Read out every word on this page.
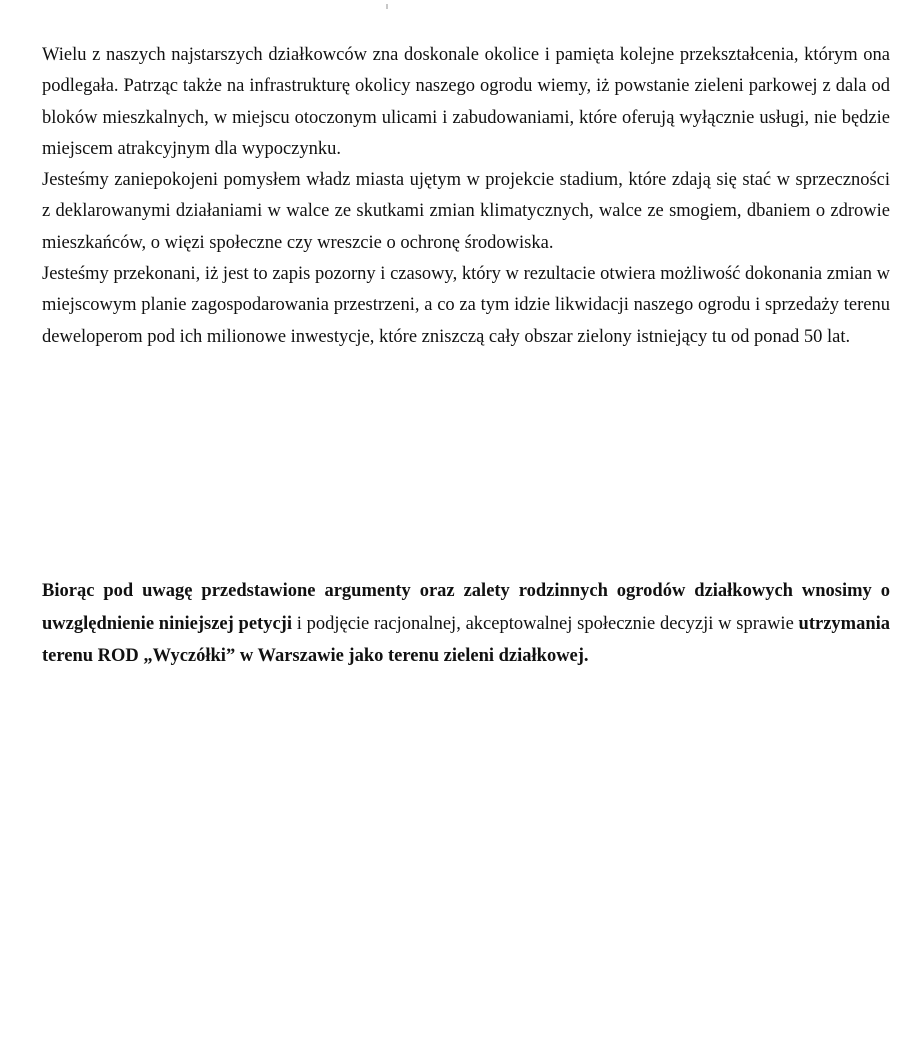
Wielu z naszych najstarszych działkowców zna doskonale okolice i pamięta kolejne przekształcenia, którym ona podlegała. Patrząc także na infrastrukturę okolicy naszego ogrodu wiemy, iż powstanie zieleni parkowej z dala od bloków mieszkalnych, w miejscu otoczonym ulicami i zabudowaniami, które oferują wyłącznie usługi, nie będzie miejscem atrakcyjnym dla wypoczynku.

Jesteśmy zaniepokojeni pomysłem władz miasta ujętym w projekcie stadium, które zdają się stać w sprzeczności z deklarowanymi działaniami w walce ze skutkami zmian klimatycznych, walce ze smogiem, dbaniem o zdrowie mieszkańców, o więzi społeczne czy wreszcie o ochronę środowiska.

Jesteśmy przekonani, iż jest to zapis pozorny i czasowy, który w rezultacie otwiera możliwość dokonania zmian w miejscowym planie zagospodarowania przestrzeni, a co za tym idzie likwidacji naszego ogrodu i sprzedaży terenu deweloperom pod ich milionowe inwestycje, które zniszczą cały obszar zielony istniejący tu od ponad 50 lat.

Biorąc pod uwagę przedstawione argumenty oraz zalety rodzinnych ogrodów działkowych wnosimy o uwzględnienie niniejszej petycji i podjęcie racjonalnej, akceptowalnej społecznie decyzji w sprawie utrzymania terenu ROD „Wyczółki” w Warszawie jako terenu zieleni działkowej.
